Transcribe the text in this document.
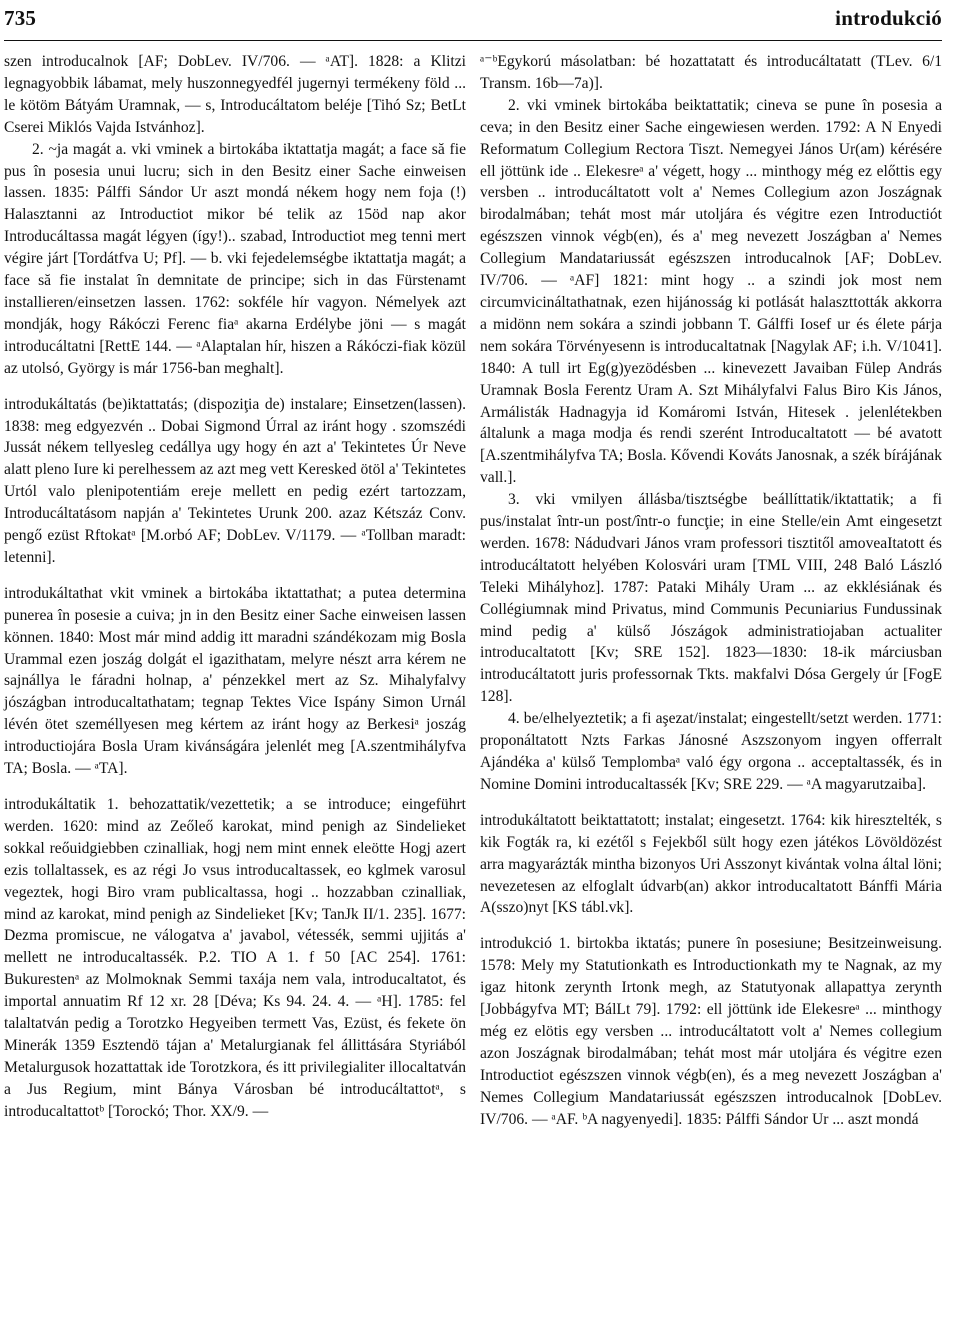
735	introdukció

szen introducalnok [AF; DobLev. IV/706. — ᵃAT]. 1828: a Klitzi legnagyobbik lábamat, mely huszonnegyedfél jugernyi termékeny föld ... le kötöm Bátyám Uramnak, — s, Introducáltatom beléje [Tihó Sz; BetLt Cserei Miklós Vajda Istvánhoz].

2. ~ja magát a. vki vminek a birtokába iktattatja magát; a face să fie pus în posesia unui lucru; sich in den Besitz einer Sache einweisen lassen. 1835: Pálffi Sándor Ur aszt mondá nékem hogy nem foja (!) Halasztanni az Introductiot mikor bé telik az 15öd nap akor Introducáltassa magát légyen (így!).. szabad, Introductiot meg tenni mert végire járt [Tordátfva U; Pf]. — b. vki fejedelemségbe iktattatja magát; a face să fie instalat în demnitate de principe; sich in das Fürstenamt installieren/einsetzen lassen. 1762: sokféle hír vagyon. Némelyek azt mondják, hogy Rákóczi Ferenc fiaᵃ akarna Erdélybe jöni — s magát introducáltatni [RettE 144. — ᵃAlaptalan hír, hiszen a Rákóczi-fiak közül az utolsó, György is már 1756-ban meghalt].

introdukáltatás (be)iktattatás; (dispoziţia de) instalare; Einsetzen(lassen). 1838: meg edgyezvén .. Dobai Sigmond Úrral az iránt hogy . szomszédi Jussát nékem tellyesleg cedállya ugy hogy én azt a' Tekintetes Úr Neve alatt pleno Iure ki perelhessem az azt meg vett Keresked ötöl a' Tekintetes Urtól valo plenipotentiám ereje mellett en pedig ezért tartozzam, Introducáltatásom napján a' Tekintetes Urunk 200. azaz Kétszáz Conv. pengő ezüst Rftokatᵃ [M.orbó AF; DobLev. V/1179. — ᵃTollban maradt: letenni].

introdukáltathat vkit vminek a birtokába iktattathat; a putea determina punerea în posesie a cuiva; jn in den Besitz einer Sache einweisen lassen können. 1840: Most már mind addig itt maradni szándékozam mig Bosla Urammal ezen joszág dolgát el igazithatam, melyre nészt arra kérem ne sajnállya le fáradni holnap, a' pénzekkel mert az Sz. Mihalyfalvy jószágban introducaltathatam; tegnap Tektes Vice Ispány Simon Urnál lévén ötet személlyesen meg kértem az iránt hogy az Berkesiᵃ joszág introductiojára Bosla Uram kivánságára jelenlét meg [A.szentmihályfva TA; Bosla. — ᵃTA].

introdukáltatik 1. behozattatik/vezettetik; a se introduce; eingeführt werden. 1620: mind az Zeőleő karokat, mind penigh az Sindelieket sokkal reőuidgiebben czinalliak, hogj nem mint ennek eleötte Hogj azert ezis tollaltassek, es az régi Jo vsus introducaltassek, eo kglmek varosul vegeztek, hogi Biro vram publicaltassa, hogi .. hozzabban czinalliak, mind az karokat, mind penigh az Sindelieket [Kv; TanJk II/1. 235]. 1677: Dezma promiscue, ne válogatva a' javabol, vétessék, semmi ujjitás a' mellett ne introducaltassék. P.2. TIO A 1. f 50 [AC 254]. 1761: Bukurestenᵃ az Molmoknak Semmi taxája nem vala, introducaltatot, és importal annuatim Rf 12 xr. 28 [Déva; Ks 94. 24. 4. — ᵃH]. 1785: fel talaltatván pedig a Torotzko Hegyeiben termett Vas, Ezüst, és fekete ön Minerák 1359 Esztendö tájan a' Metalurgianak fel állittására Styriából Metalurgusok hozattattak ide Torotzkora, és itt privilegialiter illocaltatván a Jus Regium, mint Bánya Városban bé introducáltattotᵃ, s introducaltattotᵇ [Torockó; Thor. XX/9. —

ᵃ⁻ᵇEgykorú másolatban: bé hozattatatt és introducáltatatt (TLev. 6/1 Transm. 16b—7a)].

2. vki vminek birtokába beiktattatik; cineva se pune în posesia a ceva; in den Besitz einer Sache eingewiesen werden. 1792: A N Enyedi Reformatum Collegium Rectora Tiszt. Nemegyei János Ur(am) kérésére ell jöttünk ide .. Elekesreᵃ a' végett, hogy ... minthogy még ez előttis egy versben .. introducáltatott volt a' Nemes Collegium azon Joszágnak birodalmában; tehát most már utoljára és végitre ezen Introductiót egészszen vinnok végb(en), és a' meg nevezett Joszágban a' Nemes Collegium Mandatariussát egészszen introducalnok [AF; DobLev. IV/706. — ᵃAF] 1821: mint hogy .. a szindi jok most nem circumvicináltathatnak, ezen hijánosság ki potlását halaszttották akkorra a midönn nem sokára a szindi jobbann T. Gálffi Iosef ur és élete párja nem sokára Törvényesenn is introducaltatnak [Nagylak AF; i.h. V/1041]. 1840: A tull irt Eg(g)yezödésben ... kinevezett Javaiban Fülep András Uramnak Bosla Ferentz Uram A. Szt Mihályfalvi Falus Biro Kis János, Armálisták Hadnagyja id Komáromi István, Hitesek . jelenlétekben általunk a maga modja és rendi szerént Introducaltatott — bé avatott [A.szentmihályfva TA; Bosla. Kővendi Kováts Janosnak, a szék bírájának vall.].

3. vki vmilyen állásba/tisztségbe beállíttatik/iktattatik; a fi pus/instalat într-un post/într-o funcţie; in eine Stelle/ein Amt eingesetzt werden. 1678: Nádudvari János vram professori tisztitől amoveaItatott és introducáltatott helyében Kolosvári uram [TML VIII, 248 Baló László Teleki Mihályhoz]. 1787: Pataki Mihály Uram ... az ekklésiának és Collégiumnak mind Privatus, mind Communis Pecuniarius Fundussinak mind pedig a' külső Jószágok administratiojaban actualiter introducaltatott [Kv; SRE 152]. 1823—1830: 18-ik márciusban introducáltatott juris professornak Tkts. makfalvi Dósa Gergely úr [FogE 128].

4. be/elhelyeztetik; a fi aşezat/instalat; eingestellt/setzt werden. 1771: proponáltatott Nzts Farkas Jánosné Aszszonyom ingyen offerralt Ajándéka a' külső Templombaᵃ való égy orgona .. acceptaltassék, és in Nomine Domini introducaltassék [Kv; SRE 229. — ᵃA magyarutzaiba].

introdukáltatott beiktattatott; instalat; eingesetzt. 1764: kik hiresztelték, s kik Fogták ra, ki ezétől s Fejekből sült hogy ezen játékos Lövöldözést arra magyarázták mintha bizonyos Uri Asszonyt kivántak volna által löni; nevezetesen az elfoglalt údvarb(an) akkor introducaltatott Bánffi Mária A(sszo)nyt [KS tábl.vk].

introdukció 1. birtokba iktatás; punere în posesiune; Besitzeinweisung. 1578: Mely my Statutionkath es Introductionkath my te Nagnak, az my igaz hitonk zerynth Irtonk megh, az Statutyonak allapattya zerynth [Jobbágyfva MT; BálLt 79]. 1792: ell jöttünk ide Elekesreᵃ ... minthogy még ez elötis egy versben ... introducáltatott volt a' Nemes collegium azon Joszágnak birodalmában; tehát most már utoljára és végitre ezen Introductiot egészszen vinnok végb(en), és a meg nevezett Joszágban a' Nemes Collegium Mandatariussát egészszen introducalnok [DobLev. IV/706. — ᵃAF. ᵇA nagyenyedi]. 1835: Pálffi Sándor Ur ... aszt mondá
